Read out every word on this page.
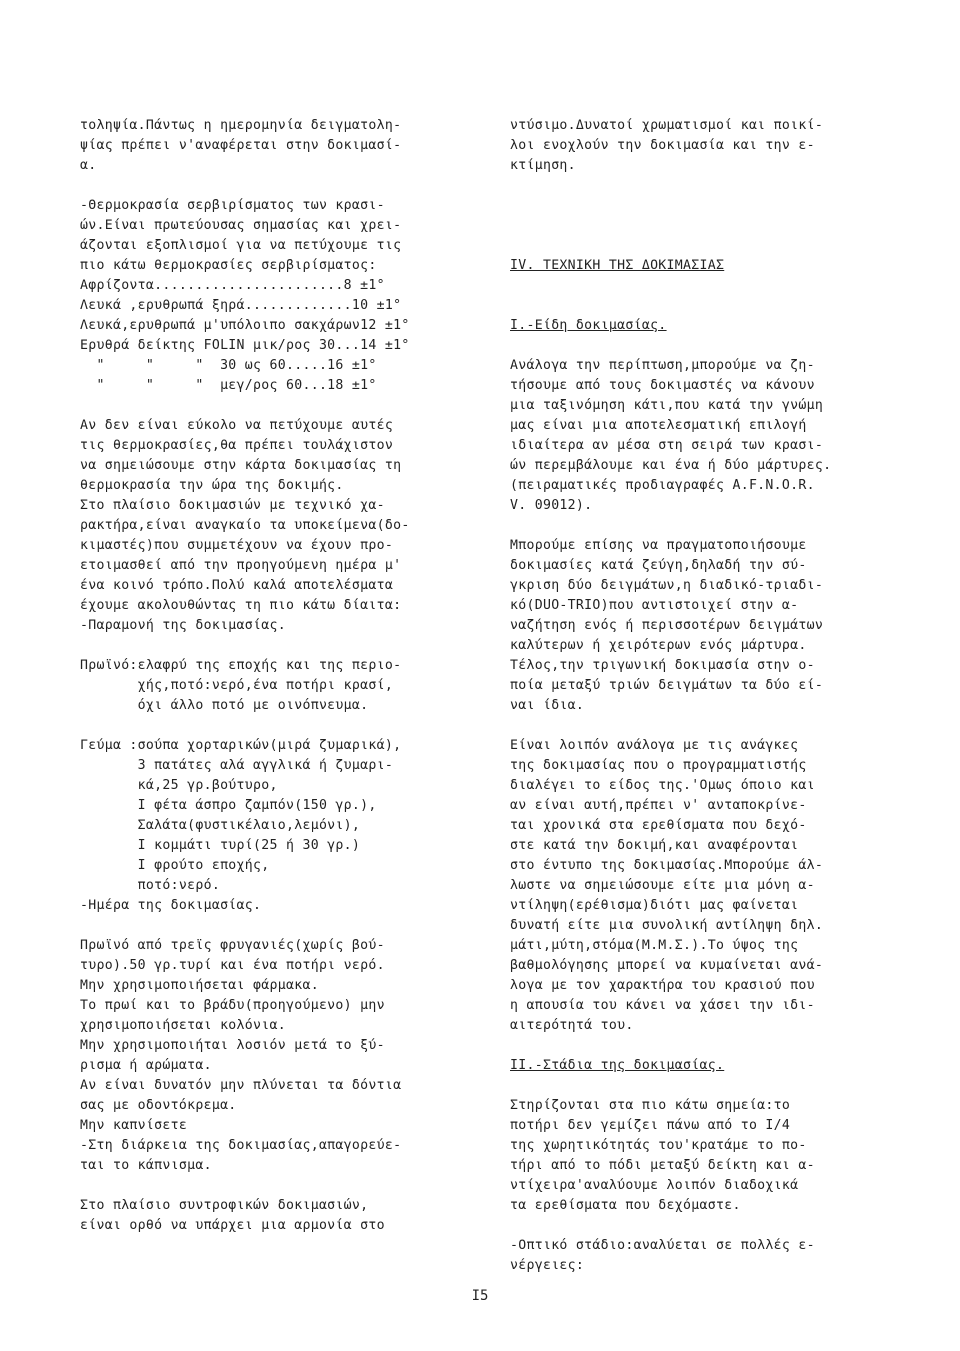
τοληψία.Πάντως η ημερομηνία δειγματολη-
ψίας πρέπει ν'αναφέρεται στην δοκιμασί-
α.
-Θερμοκρασία σερβιρίσματος των κρασι-
ών.Είναι πρωτεύουσας σημασίας και χρει-
άζονται εξοπλισμοί για να πετύχουμε τις
πιο κάτω θερμοκρασίες σερβιρίσματος:
Αφρίζοντα.......................8 ±1°
Λευκά ,ερυθρωπά ξηρά.............10 ±1°
Λευκά,ερυθρωπά μ'υπόλοιπο σακχάρων12 ±1°
Ερυθρά δείκτης FOLIN μικ/ρος 30...14 ±1°
"     "     "  30 ως 60.....16 ±1°
"     "     "  μεγ/ρος 60...18 ±1°
Αν δεν είναι εύκολο να πετύχουμε αυτές
τις θερμοκρασίες,θα πρέπει τουλάχιστον
να σημειώσουμε στην κάρτα δοκιμασίας τη
θερμοκρασία την ώρα της δοκιμής.
Στο πλαίσιο δοκιμασιών με τεχνικό χα-
ρακτήρα,είναι αναγκαίο τα υποκείμενα(δο-
κιμαστές)που συμμετέχουν να έχουν προ-
ετοιμασθεί από την προηγούμενη ημέρα μ'
ένα κοινό τρόπο.Πολύ καλά αποτελέσματα
έχουμε ακολουθώντας τη πιο κάτω δίαιτα:
-Παραμονή της δοκιμασίας.
Πρωϊνό:ελαφρύ της εποχής και της περιο-
χής,ποτό:νερό,ένα ποτήρι κρασί,
όχι άλλο ποτό με οινόπνευμα.
Γεύμα :σούπα χορταρικών(μιρά ζυμαρικά),
3 πατάτες αλά αγγλικά ή ζυμαρι-
κά,25 γρ.βούτυρο,
I φέτα άσπρο ζαμπόν(150 γρ.),
Σαλάτα(φυστικέλαιο,λεμόνι),
I κομμάτι τυρί(25 ή 30 γρ.)
I φρούτο εποχής,
ποτό:νερό.
-Ημέρα της δοκιμασίας.
Πρωϊνό από τρεϊς φρυγανιές(χωρίς βού-
τυρο).50 γρ.τυρί και ένα ποτήρι νερό.
Μην χρησιμοποιήσεται φάρμακα.
Το πρωί και το βράδυ(προηγούμενο) μην
χρησιμοποιήσεται κολόνια.
Μην χρησιμοποιήται λοσιόν μετά το ξύ-
ρισμα ή αρώματα.
Αν είναι δυνατόν μην πλύνεται τα δόντια
σας με οδοντόκρεμα.
Μην καπνίσετε
-Στη διάρκεια της δοκιμασίας,απαγορεύε-
ται το κάπνισμα.
Στο πλαίσιο συντροφικών δοκιμασιών,
είναι ορθό να υπάρχει μια αρμονία στο
ντύσιμο.Δυνατοί χρωματισμοί και ποικί-
λοι ενοχλούν την δοκιμασία και την ε-
κτίμηση.
IV. ΤΕΧΝΙΚΗ ΤΗΣ ΔΟΚΙΜΑΣΙΑΣ
I.-Είδη δοκιμασίας.
Ανάλογα την περίπτωση,μπορούμε να ζη-
τήσουμε από τους δοκιμαστές να κάνουν
μια ταξινόμηση κάτι,που κατά την γνώμη
μας είναι μια αποτελεσματική επιλογή
ιδιαίτερα αν μέσα στη σειρά των κρασι-
ών περεμβάλουμε και ένα ή δύο μάρτυρες.
(πειραματικές προδιαγραφές A.F.N.O.R.
V. 09012).
Μπορούμε επίσης να πραγματοποιήσουμε
δοκιμασίες κατά ζεύγη,δηλαδή την σύ-
γκριση δύο δειγμάτων,η διαδικό-τριαδι-
κό(DUO-TRIO)που αντιστοιχεί στην α-
ναζήτηση ενός ή περισσοτέρων δειγμάτων
καλύτερων ή χειρότερων ενός μάρτυρα.
Τέλος,την τριγωνική δοκιμασία στην ο-
ποία μεταξύ τριών δειγμάτων τα δύο εί-
ναι ίδια.
Είναι λοιπόν ανάλογα με τις ανάγκες
της δοκιμασίας που ο προγραμματιστής
διαλέγει το είδος της.'Ομως όποιο και
αν είναι αυτή,πρέπει ν' ανταποκρίνε-
ται χρονικά στα ερεθίσματα που δεχό-
στε κατά την δοκιμή,και αναφέρονται
στο έντυπο της δοκιμασίας.Μπορούμε άλ-
λωστε να σημειώσουμε είτε μια μόνη α-
ντίληψη(ερέθισμα)διότι μας φαίνεται
δυνατή είτε μια συνολική αντίληψη δηλ.
μάτι,μύτη,στόμα(Μ.Μ.Σ.).Το ύψος της
βαθμολόγησης μπορεί να κυμαίνεται ανά-
λογα με τον χαρακτήρα του κρασιού που
η απουσία του κάνει να χάσει την ιδι-
αιτερότητά του.
II.-Στάδια της δοκιμασίας.
Στηρίζονται στα πιο κάτω σημεία:το
ποτήρι δεν γεμίζει πάνω από το I/4
της χωρητικότητάς του'κρατάμε το πο-
τήρι από το πόδι μεταξύ δείκτη και α-
ντίχειρα'αναλύουμε λοιπόν διαδοχικά
τα ερεθίσματα που δεχόμαστε.
-Οπτικό στάδιο:αναλύεται σε πολλές ε-
νέργειες:
I5
